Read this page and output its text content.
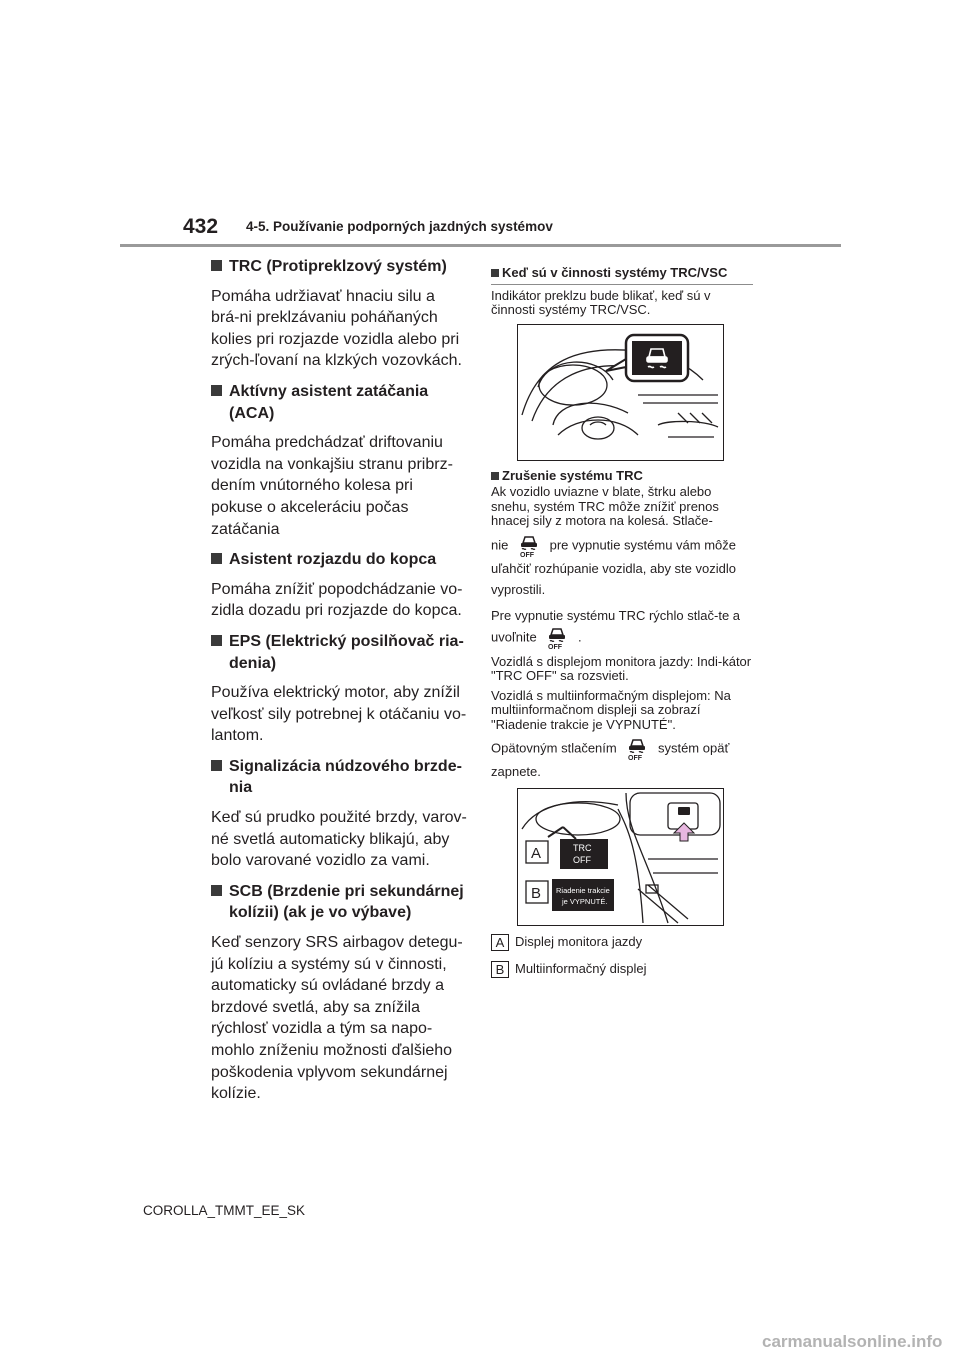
432 4-5. Používanie podporných jazdných systémov

TRC (Protipreklzový systém)

Pomáha udržiavať hnaciu silu a brá-ni preklzávaniu poháňaných kolies pri rozjazde vozidla alebo pri zrých-ľovaní na klzkých vozovkách.

Aktívny asistent zatáčania (ACA)

Pomáha predchádzať driftovaniu vozidla na vonkajšiu stranu pribrz-dením vnútorného kolesa pri pokuse o akceleráciu počas zatáčania

Asistent rozjazdu do kopca

Pomáha znížiť popodchádzanie vo-zidla dozadu pri rozjazde do kopca.

EPS (Elektrický posilňovač ria-denia)

Používa elektrický motor, aby znížil veľkosť sily potrebnej k otáčaniu vo-lantom.

Signalizácia núdzového brzde-nia

Keď sú prudko použité brzdy, varov-né svetlá automaticky blikajú, aby bolo varované vozidlo za vami.

SCB (Brzdenie pri sekundárnej kolízii) (ak je vo výbave)

Keď senzory SRS airbagov detegu-jú kolíziu a systémy sú v činnosti, automaticky sú ovládané brzdy a brzdové svetlá, aby sa znížila rýchlosť vozidla a tým sa napo-mohlo zníženiu možnosti ďalšieho poškodenia vplyvom sekundárnej kolízie.

Keď sú v činnosti systémy TRC/VSC

Indikátor preklzu bude blikať, keď sú v činnosti systémy TRC/VSC.

Zrušenie systému TRC

Ak vozidlo uviazne v blate, štrku alebo snehu, systém TRC môže znížiť prenos hnacej sily z motora na kolesá. Stlače-

nie
OFF
pre vypnutie systému vám môže uľahčiť rozhúpanie vozidla, aby ste vozidlo vyprostili.

Pre vypnutie systému TRC rýchlo stlač-te a uvoľnite
OFF
.

Vozidlá s displejom monitora jazdy: Indi-kátor "TRC OFF" sa rozsvieti.

Vozidlá s multiinformačným displejom: Na multiinformačnom displeji sa zobrazí "Riadenie trakcie je VYPNUTÉ".

Opätovným stlačením
OFF
systém opäť zapnete.

A	TRC
OFF
B Riadenie trakcie
je VYPNUTÉ.
A Displej monitora jazdy
B Multiinformačný displej
COROLLA_TMMT_EE_SK
carmanualsonline.info
